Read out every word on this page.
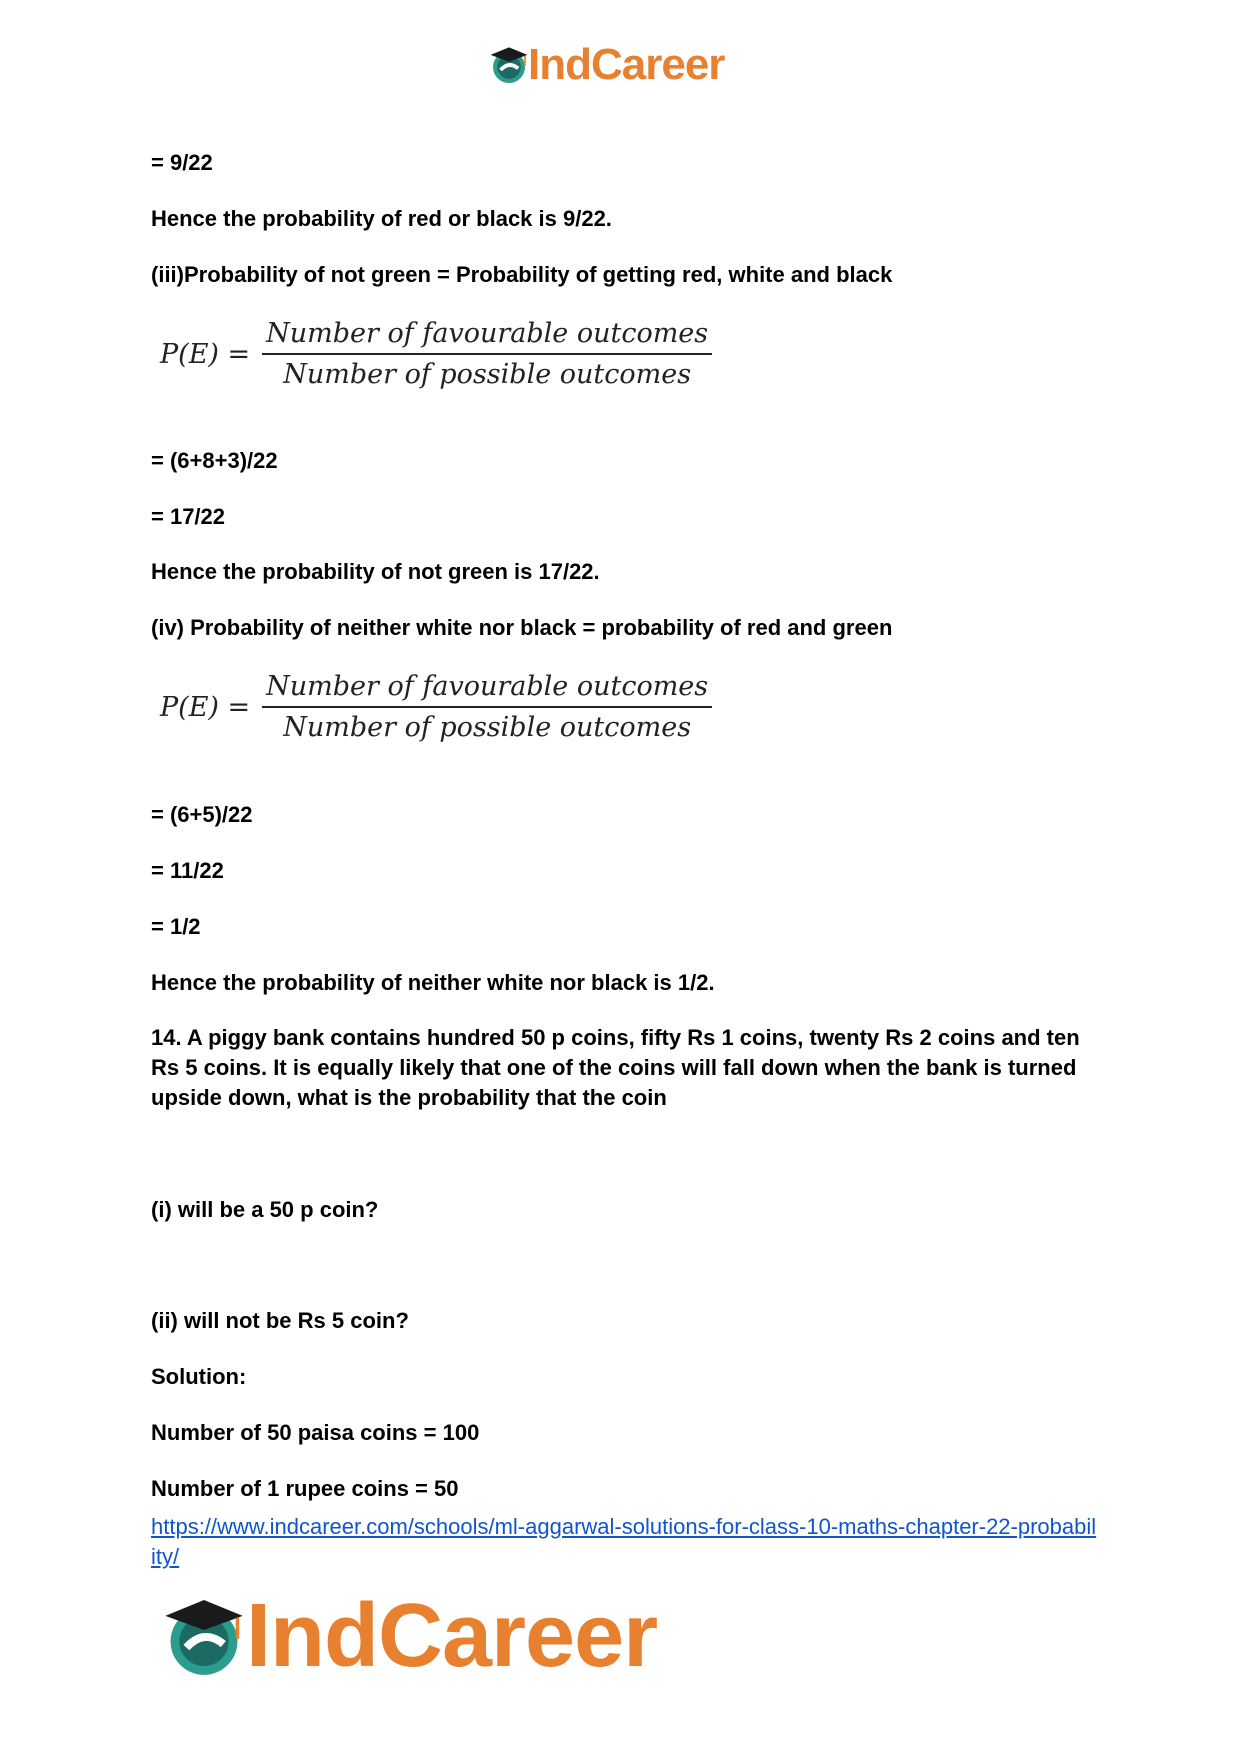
IndCareer
= 9/22
Hence the probability of red or black is 9/22.
(iii)Probability of not green = Probability of getting red, white and black
$P(E) = \frac{\text{Number of favourable outcomes}}{\text{Number of possible outcomes}}$
= (6+8+3)/22
= 17/22
Hence the probability of not green is 17/22.
(iv) Probability of neither white nor black = probability of red and green
$P(E) = \frac{\text{Number of favourable outcomes}}{\text{Number of possible outcomes}}$
= (6+5)/22
= 11/22
= 1/2
Hence the probability of neither white nor black is 1/2.
14. A piggy bank contains hundred 50 p coins, fifty Rs 1 coins, twenty Rs 2 coins and ten Rs 5 coins. It is equally likely that one of the coins will fall down when the bank is turned upside down, what is the probability that the coin
(i) will be a 50 p coin?
(ii) will not be Rs 5 coin?
Solution:
Number of 50 paisa coins = 100
Number of 1 rupee coins = 50
https://www.indcareer.com/schools/ml-aggarwal-solutions-for-class-10-maths-chapter-22-probability/
IndCareer
